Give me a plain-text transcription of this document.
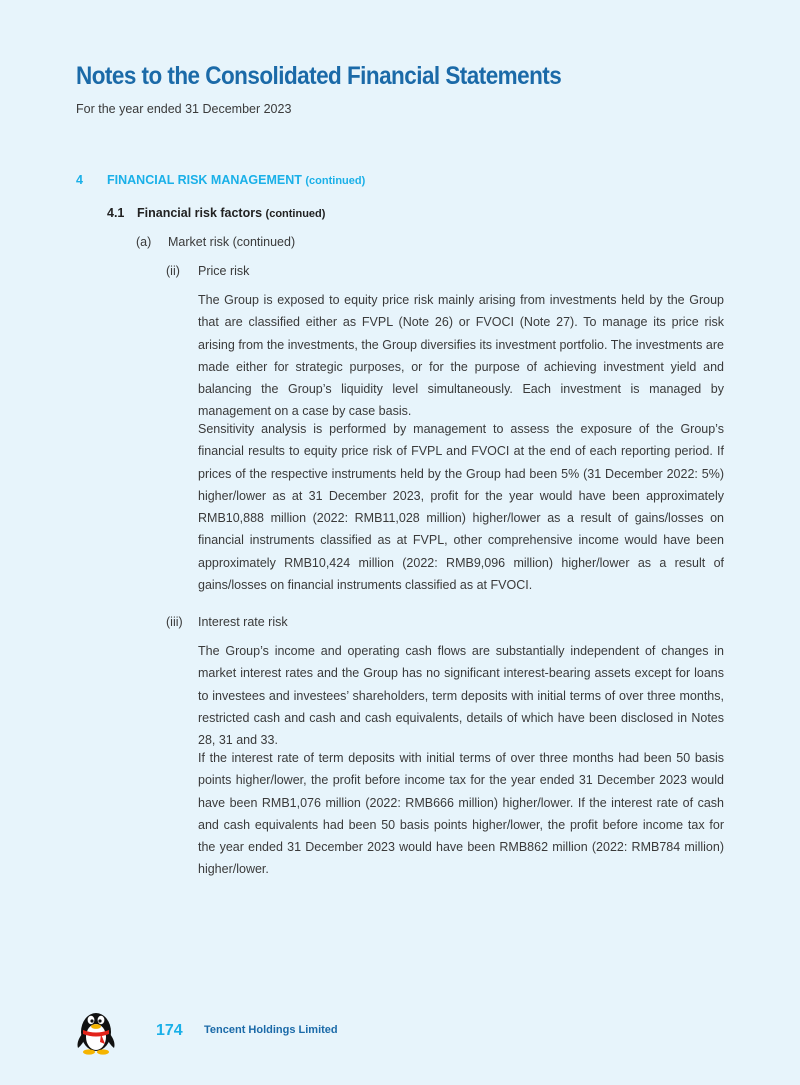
Notes to the Consolidated Financial Statements
For the year ended 31 December 2023
4 FINANCIAL RISK MANAGEMENT (continued)
4.1 Financial risk factors (continued)
(a) Market risk (continued)
(ii) Price risk

The Group is exposed to equity price risk mainly arising from investments held by the Group that are classified either as FVPL (Note 26) or FVOCI (Note 27). To manage its price risk arising from the investments, the Group diversifies its investment portfolio. The investments are made either for strategic purposes, or for the purpose of achieving investment yield and balancing the Group’s liquidity level simultaneously. Each investment is managed by management on a case by case basis.

Sensitivity analysis is performed by management to assess the exposure of the Group’s financial results to equity price risk of FVPL and FVOCI at the end of each reporting period. If prices of the respective instruments held by the Group had been 5% (31 December 2022: 5%) higher/lower as at 31 December 2023, profit for the year would have been approximately RMB10,888 million (2022: RMB11,028 million) higher/lower as a result of gains/losses on financial instruments classified as at FVPL, other comprehensive income would have been approximately RMB10,424 million (2022: RMB9,096 million) higher/lower as a result of gains/losses on financial instruments classified as at FVOCI.

(iii) Interest rate risk

The Group’s income and operating cash flows are substantially independent of changes in market interest rates and the Group has no significant interest-bearing assets except for loans to investees and investees’ shareholders, term deposits with initial terms of over three months, restricted cash and cash and cash equivalents, details of which have been disclosed in Notes 28, 31 and 33.

If the interest rate of term deposits with initial terms of over three months had been 50 basis points higher/lower, the profit before income tax for the year ended 31 December 2023 would have been RMB1,076 million (2022: RMB666 million) higher/lower. If the interest rate of cash and cash equivalents had been 50 basis points higher/lower, the profit before income tax for the year ended 31 December 2023 would have been RMB862 million (2022: RMB784 million) higher/lower.

174 Tencent Holdings Limited
